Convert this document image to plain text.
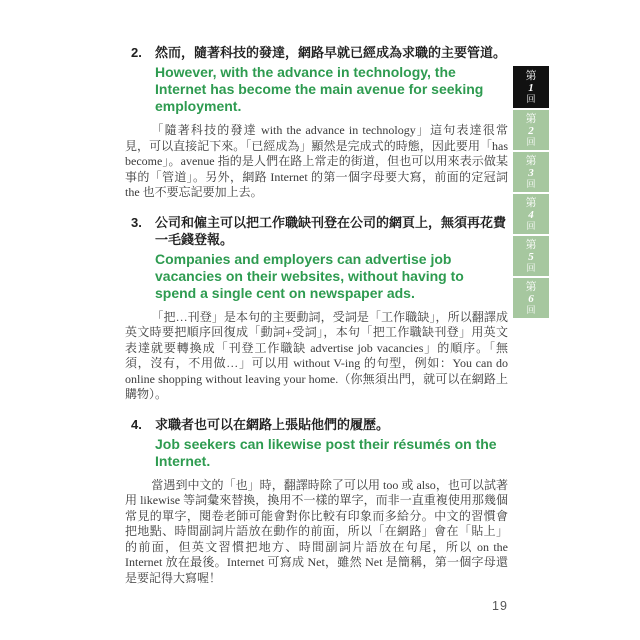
2.	然而，隨著科技的發達，網路早就已經成為求職的主要管道。
However, with the advance in technology, the Internet has become the main avenue for seeking employment.

「隨著科技的發達 with the advance in technology」這句表達很常見，可以直接記下來。「已經成為」顯然是完成式的時態，因此要用「has become」。avenue 指的是人們在路上常走的街道，但也可以用來表示做某事的「管道」。另外，網路 Internet 的第一個字母要大寫，前面的定冠詞 the 也不要忘記要加上去。

3.	公司和僱主可以把工作職缺刊登在公司的網頁上，無須再花費一毛錢登報。
Companies and employers can advertise job vacancies on their websites, without having to spend a single cent on newspaper ads.

「把…刊登」是本句的主要動詞，受詞是「工作職缺」，所以翻譯成英文時要把順序回復成「動詞+受詞」，本句「把工作職缺刊登」用英文表達就要轉換成「刊登工作職缺 advertise job vacancies」的順序。「無須，沒有，不用做…」可以用 without V-ing 的句型，例如：You can do online shopping without leaving your home.（你無須出門，就可以在網路上購物）。

4.	求職者也可以在網路上張貼他們的履歷。
Job seekers can likewise post their résumés on the Internet.

當遇到中文的「也」時，翻譯時除了可以用 too 或 also，也可以試著用 likewise 等詞彙來替換，換用不一樣的單字，而非一直重複使用那幾個常見的單字，閱卷老師可能會對你比較有印象而多給分。中文的習慣會把地點、時間副詞片語放在動作的前面，所以「在網路」會在「貼上」的前面，但英文習慣把地方、時間副詞片語放在句尾，所以 on the Internet 放在最後。Internet 可寫成 Net，雖然 Net 是簡稱，第一個字母還是要記得大寫喔！

第
1
回
第
2
回
第
3
回
第
4
回
第
5
回
第
6
回
19
